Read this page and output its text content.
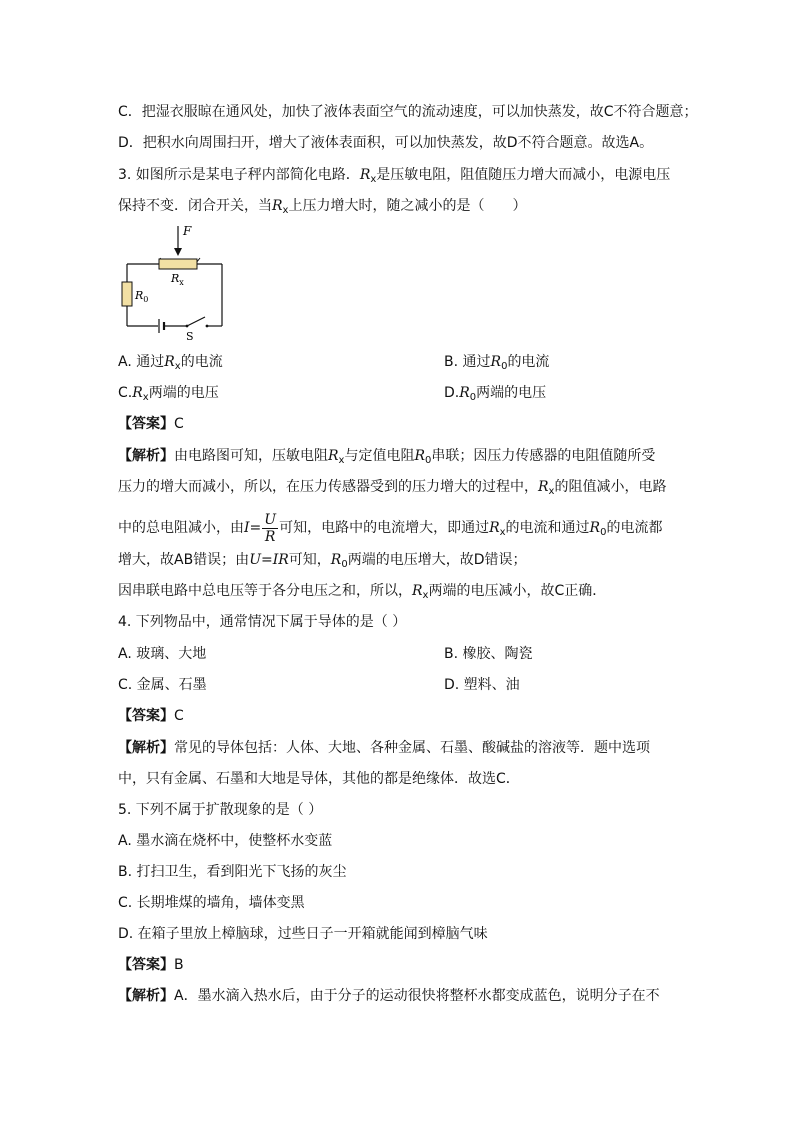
C．把湿衣服晾在通风处，加快了液体表面空气的流动速度，可以加快蒸发，故C不符合题意；
D．把积水向周围扫开，增大了液体表面积，可以加快蒸发，故D不符合题意。故选A。
3. 如图所示是某电子秤内部简化电路．$R_x$是压敏电阻，阻值随压力增大而减小，电源电压
保持不变．闭合开关，当$R_x$上压力增大时，随之减小的是（　　）
F
$R_x$
$R_0$
S
A. 通过$R_x$的电流	B. 通过$R_0$的电流
$C.R_x$两端的电压	$D.R_0$两端的电压
【答案】C
【解析】由电路图可知，压敏电阻$R_x$与定值电阻$R_0$串联；因压力传感器的电阻值随所受
压力的增大而减小，所以，在压力传感器受到的压力增大的过程中，$R_x$的阻值减小，电路
中的总电阻减小，由$I= \frac{U}{R}$ 可知，电路中的电流增大，即通过$R_x$的电流和通过$R_0$的电流都
增大，故AB错误；由U=IR可知，$R_0$两端的电压增大，故D错误；
因串联电路中总电压等于各分电压之和，所以，$R_x$两端的电压减小，故C正确．
4. 下列物品中，通常情况下属于导体的是（ ）
A. 玻璃、大地	B. 橡胶、陶瓷
C. 金属、石墨	D. 塑料、油
【答案】C
【解析】常见的导体包括：人体、大地、各种金属、石墨、酸碱盐的溶液等．题中选项
中，只有金属、石墨和大地是导体，其他的都是绝缘体．故选C．
5. 下列不属于扩散现象的是（ ）
A. 墨水滴在烧杯中，使整杯水变蓝
B. 打扫卫生，看到阳光下飞扬的灰尘
C. 长期堆煤的墙角，墙体变黑
D. 在箱子里放上樟脑球，过些日子一开箱就能闻到樟脑气味
【答案】B
【解析】A．墨水滴入热水后，由于分子的运动很快将整杯水都变成蓝色，说明分子在不
